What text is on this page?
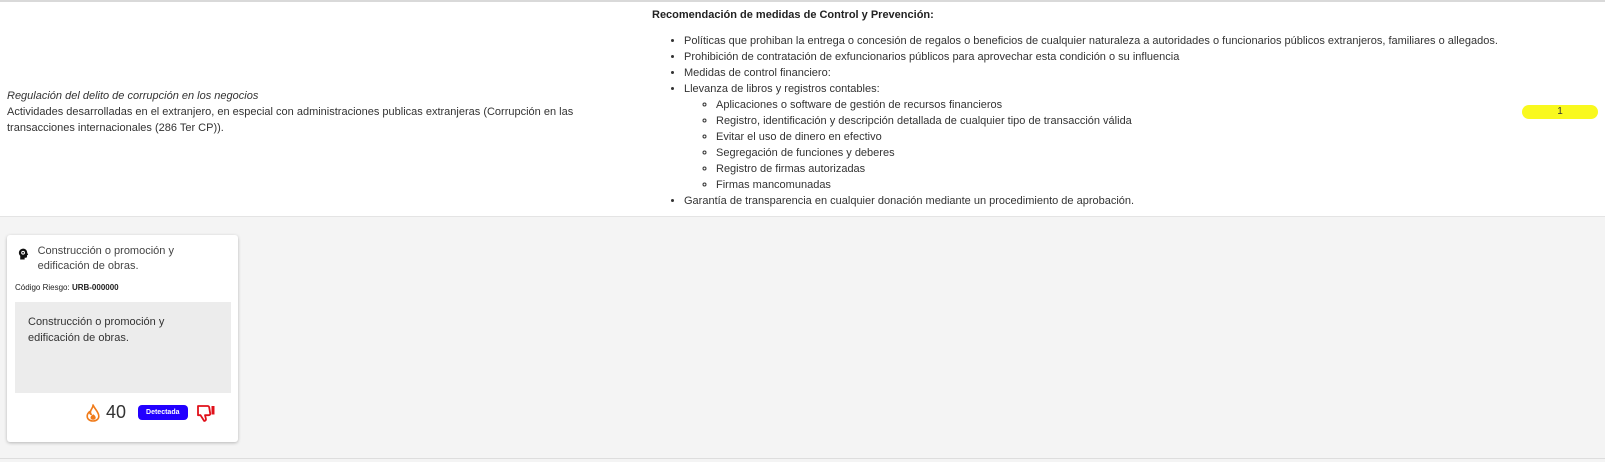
Regulación del delito de corrupción en los negocios
Actividades desarrolladas en el extranjero, en especial con administraciones publicas extranjeras (Corrupción en las transacciones internacionales (286 Ter CP)).
Recomendación de medidas de Control y Prevención:
• Políticas que prohiban la entrega o concesión de regalos o beneficios de cualquier naturaleza a autoridades o funcionarios públicos extranjeros, familiares o allegados.
• Prohibición de contratación de exfuncionarios públicos para aprovechar esta condición o su influencia
• Medidas de control financiero:
• Llevanza de libros y registros contables:
◦ Aplicaciones o software de gestión de recursos financieros
◦ Registro, identificación y descripción detallada de cualquier tipo de transacción válida
◦ Evitar el uso de dinero en efectivo
◦ Segregación de funciones y deberes
◦ Registro de firmas autorizadas
◦ Firmas mancomunadas
• Garantía de transparencia en cualquier donación mediante un procedimiento de aprobación.
1
Construcción o promoción y edificación de obras.
Código Riesgo: URB-000000
Construcción o promoción y edificación de obras.
40	Detectada
